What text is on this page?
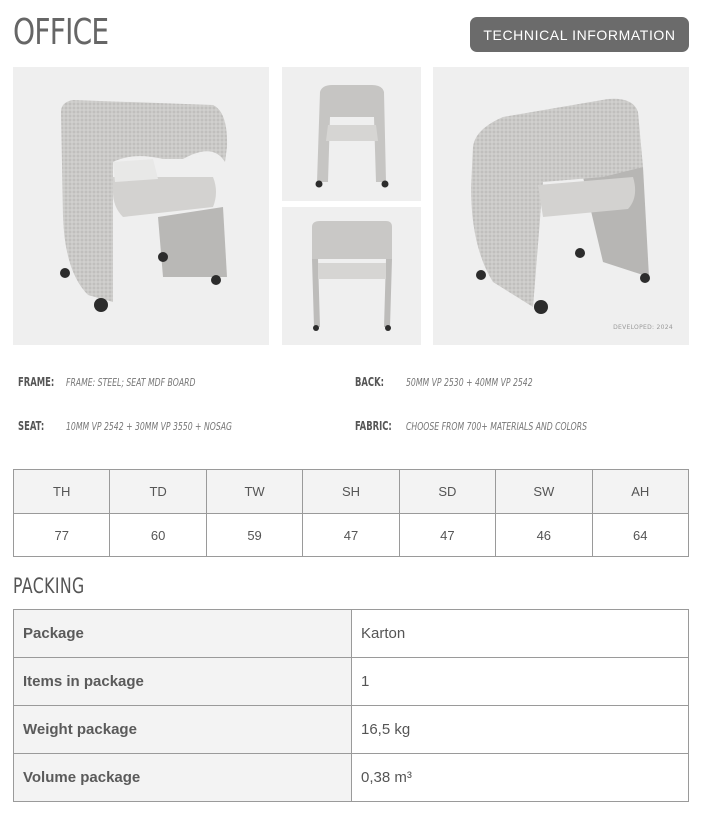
OFFICE	TECHNICAL INFORMATION
DEVELOPED: 2024
FRAME: FRAME: STEEL; SEAT MDF BOARD	BACK: 50MM VP 2530 + 40MM VP 2542
SEAT: 10MM VP 2542 + 30MM VP 3550 + NOSAG	FABRIC: CHOOSE FROM 700+ MATERIALS AND COLORS
TH	TD	TW	SH	SD	SW	AH
77	60	59	47	47	46	64
PACKING
Package	Karton
Items in package	1
Weight package	16,5 kg
Volume package	0,38 m³
